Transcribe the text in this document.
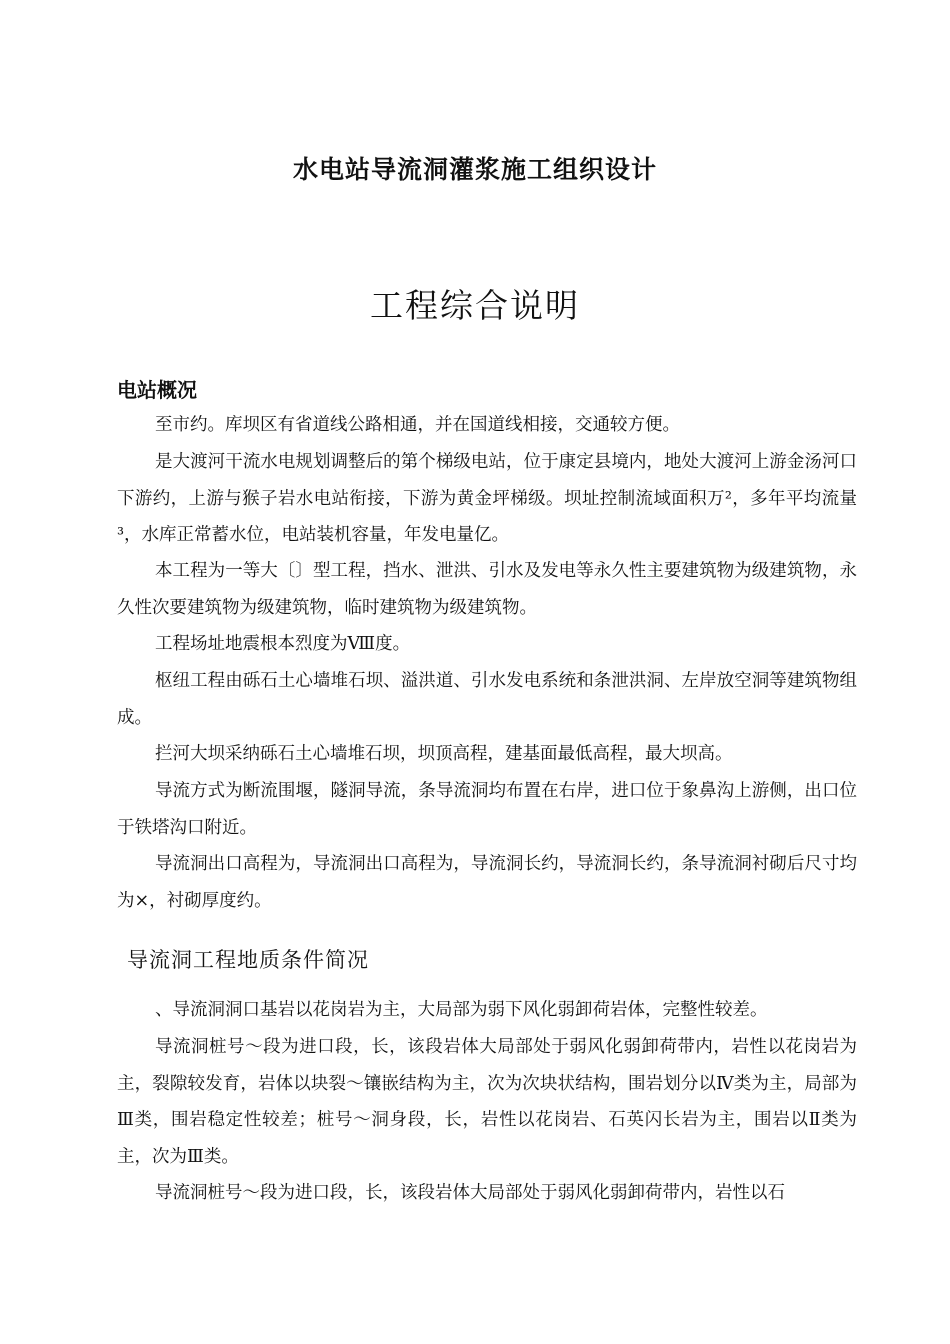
水电站导流洞灌浆施工组织设计
工程综合说明
电站概况

至市约。库坝区有省道线公路相通，并在国道线相接，交通较方便。

是大渡河干流水电规划调整后的第个梯级电站，位于康定县境内，地处大渡河上游金汤河口下游约，上游与猴子岩水电站衔接，下游为黄金坪梯级。坝址控制流域面积万²，多年平均流量³，水库正常蓄水位，电站装机容量，年发电量亿。

本工程为一等大〔〕型工程，挡水、泄洪、引水及发电等永久性主要建筑物为级建筑物，永久性次要建筑物为级建筑物，临时建筑物为级建筑物。

工程场址地震根本烈度为Ⅷ度。

枢纽工程由砾石土心墙堆石坝、溢洪道、引水发电系统和条泄洪洞、左岸放空洞等建筑物组成。

拦河大坝采纳砾石土心墙堆石坝，坝顶高程，建基面最低高程，最大坝高。

导流方式为断流围堰，隧洞导流，条导流洞均布置在右岸，进口位于象鼻沟上游侧，出口位于铁塔沟口附近。

导流洞出口高程为，导流洞出口高程为，导流洞长约，导流洞长约，条导流洞衬砌后尺寸均为×，衬砌厚度约。

导流洞工程地质条件简况

、导流洞洞口基岩以花岗岩为主，大局部为弱下风化弱卸荷岩体，完整性较差。

导流洞桩号～段为进口段，长，该段岩体大局部处于弱风化弱卸荷带内，岩性以花岗岩为主，裂隙较发育，岩体以块裂～镶嵌结构为主，次为次块状结构，围岩划分以Ⅳ类为主，局部为Ⅲ类，围岩稳定性较差；桩号～洞身段，长，岩性以花岗岩、石英闪长岩为主，围岩以Ⅱ类为主，次为Ⅲ类。

导流洞桩号～段为进口段，长，该段岩体大局部处于弱风化弱卸荷带内，岩性以石
